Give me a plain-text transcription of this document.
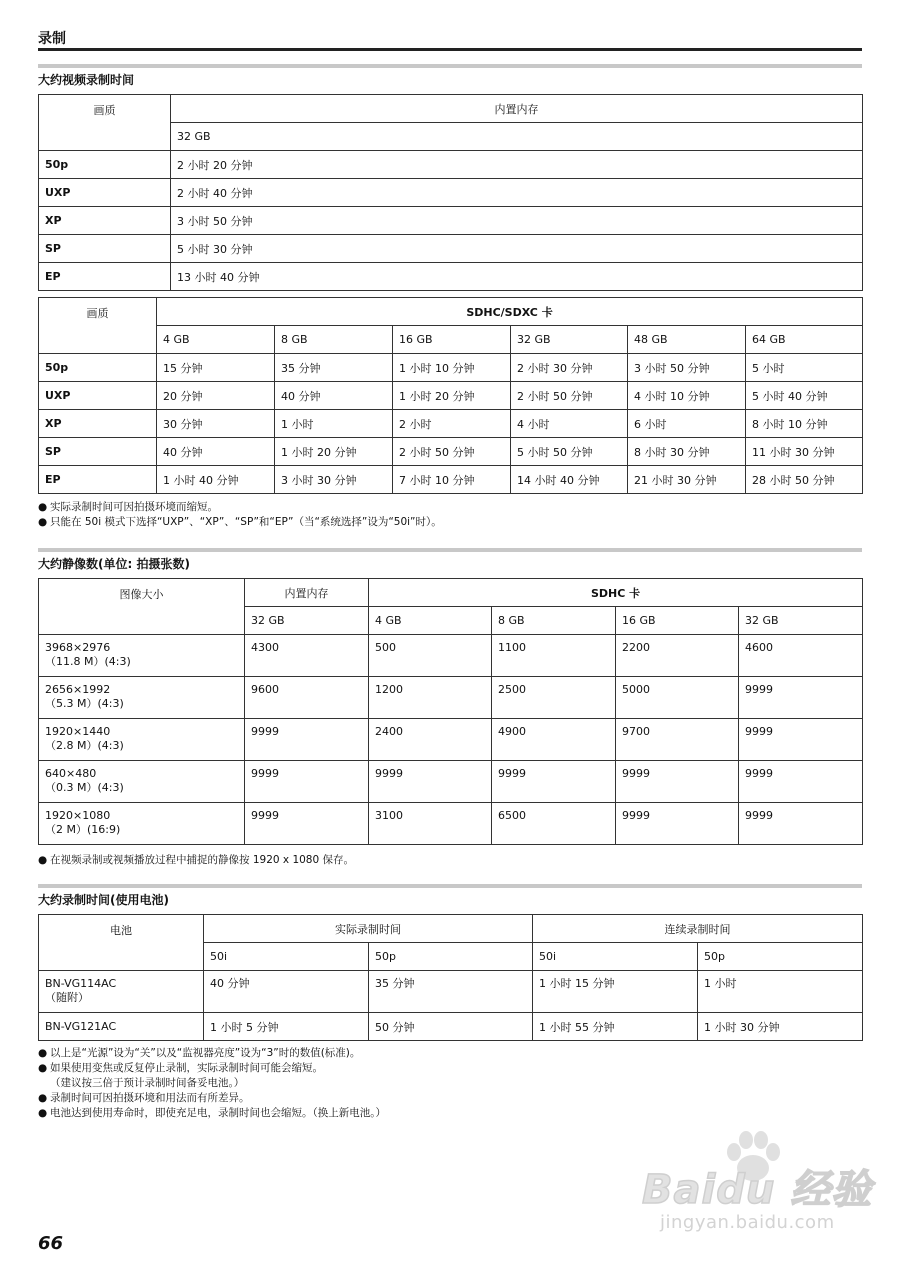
录制
大约视频录制时间
画质	内置内存
	32 GB
50p	2 小时 20 分钟
UXP	2 小时 40 分钟
XP	3 小时 50 分钟
SP	5 小时 30 分钟
EP	13 小时 40 分钟
画质	SDHC/SDXC 卡					
	4 GB	8 GB	16 GB	32 GB	48 GB	64 GB
50p	15 分钟	35 分钟	1 小时 10 分钟	2 小时 30 分钟	3 小时 50 分钟	5 小时
UXP	20 分钟	40 分钟	1 小时 20 分钟	2 小时 50 分钟	4 小时 10 分钟	5 小时 40 分钟
XP	30 分钟	1 小时	2 小时	4 小时	6 小时	8 小时 10 分钟
SP	40 分钟	1 小时 20 分钟	2 小时 50 分钟	5 小时 50 分钟	8 小时 30 分钟	11 小时 30 分钟
EP	1 小时 40 分钟	3 小时 30 分钟	7 小时 10 分钟	14 小时 40 分钟	21 小时 30 分钟	28 小时 50 分钟
● 实际录制时间可因拍摄环境而缩短。
● 只能在 50i 模式下选择“UXP”、“XP”、“SP”和“EP”（当“系统选择”设为“50i”时）。
大约静像数(单位: 拍摄张数)
图像大小	内置内存	SDHC 卡			
	32 GB	4 GB	8 GB	16 GB	32 GB

3968×2976
（11.8 M）(4:3)	4300	500	1100	2200	4600

2656×1992
（5.3 M）(4:3)	9600	1200	2500	5000	9999

1920×1440
（2.8 M）(4:3)	9999	2400	4900	9700	9999

640×480
（0.3 M）(4:3)	9999	9999	9999	9999	9999

1920×1080
（2 M）(16:9)	9999	3100	6500	9999	9999
● 在视频录制或视频播放过程中捕捉的静像按 1920 x 1080 保存。
大约录制时间(使用电池)
电池	实际录制时间		连续录制时间	
	50i	50p	50i	50p

BN-VG114AC
（随附）	40 分钟	35 分钟	1 小时 15 分钟	1 小时
BN-VG121AC	1 小时 5 分钟	50 分钟	1 小时 55 分钟	1 小时 30 分钟
● 以上是“光源”设为“关”以及“监视器亮度”设为“3”时的数值(标准)。
● 如果使用变焦或反复停止录制，实际录制时间可能会缩短。
（建议按三倍于预计录制时间备妥电池。）
● 录制时间可因拍摄环境和用法而有所差异。
● 电池达到使用寿命时，即使充足电，录制时间也会缩短。（换上新电池。）
Baidu 经验
jingyan.baidu.com
66
